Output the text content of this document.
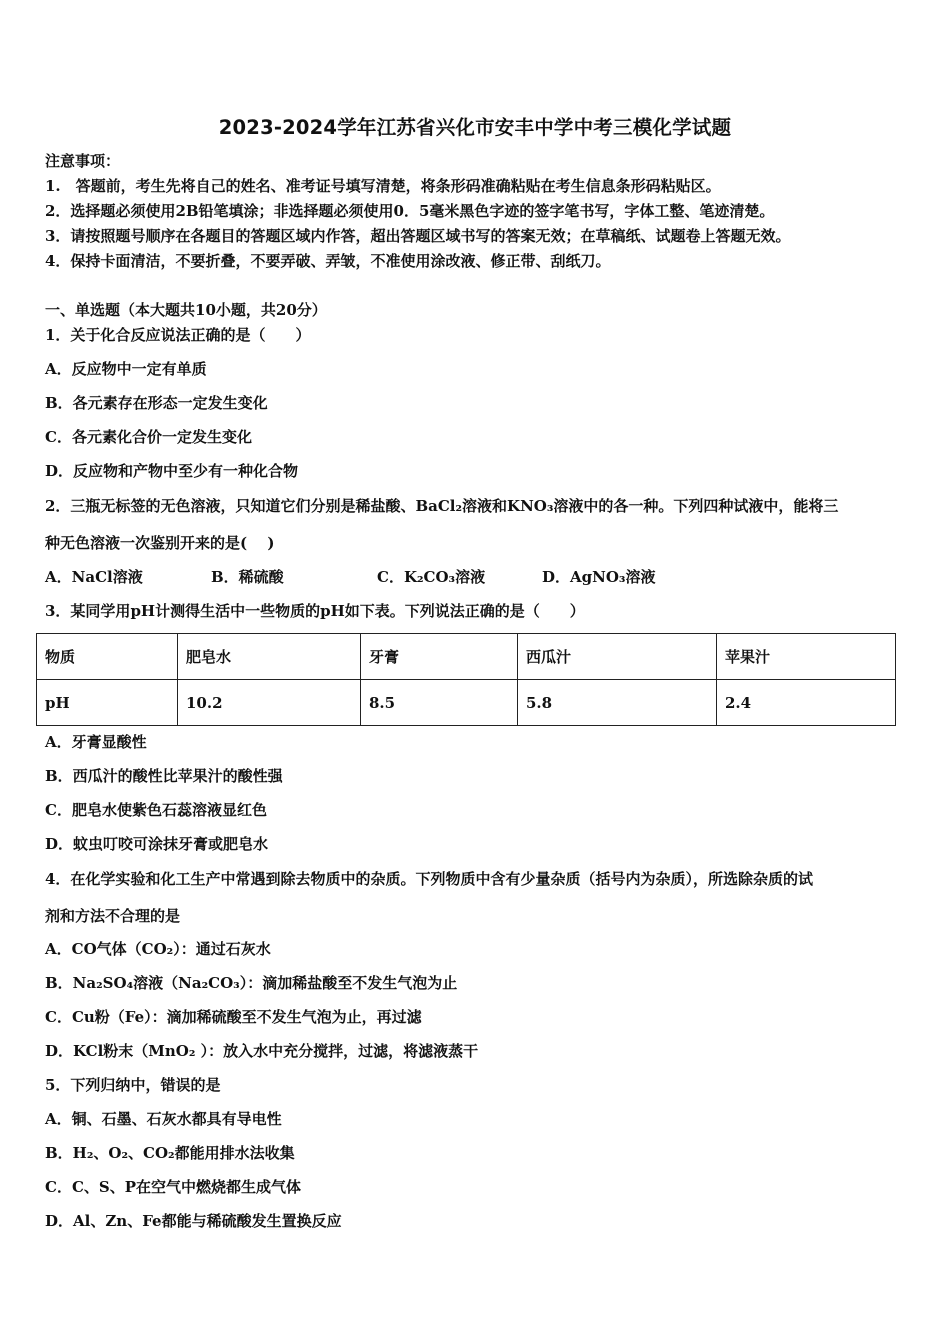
2023-2024学年江苏省兴化市安丰中学中考三模化学试题
注意事项：
1.　答题前，考生先将自己的姓名、准考证号填写清楚，将条形码准确粘贴在考生信息条形码粘贴区。
2．选择题必须使用2B铅笔填涂；非选择题必须使用0．5毫米黑色字迹的签字笔书写，字体工整、笔迹清楚。
3．请按照题号顺序在各题目的答题区域内作答，超出答题区域书写的答案无效；在草稿纸、试题卷上答题无效。
4．保持卡面清洁，不要折叠，不要弄破、弄皱，不准使用涂改液、修正带、刮纸刀。
一、单选题（本大题共10小题，共20分）
1．关于化合反应说法正确的是（　　）
A．反应物中一定有单质
B．各元素存在形态一定发生变化
C．各元素化合价一定发生变化
D．反应物和产物中至少有一种化合物
2．三瓶无标签的无色溶液，只知道它们分别是稀盐酸、BaCl₂溶液和KNO₃溶液中的各一种。下列四种试液中，能将三
种无色溶液一次鉴别开来的是(　 )
A．NaCl溶液	B．稀硫酸	C．K₂CO₃溶液	D．AgNO₃溶液
3．某同学用pH计测得生活中一些物质的pH如下表。下列说法正确的是（　　）
物质	肥皂水	牙膏	西瓜汁	苹果汁
pH	10.2	8.5	5.8	2.4
A．牙膏显酸性
B．西瓜汁的酸性比苹果汁的酸性强
C．肥皂水使紫色石蕊溶液显红色
D．蚊虫叮咬可涂抹牙膏或肥皂水
4．在化学实验和化工生产中常遇到除去物质中的杂质。下列物质中含有少量杂质（括号内为杂质），所选除杂质的试
剂和方法不合理的是
A．CO气体（CO₂）：通过石灰水
B．Na₂SO₄溶液（Na₂CO₃）：滴加稀盐酸至不发生气泡为止
C．Cu粉（Fe）：滴加稀硫酸至不发生气泡为止，再过滤
D．KCl粉末（MnO₂ ）：放入水中充分搅拌，过滤，将滤液蒸干
5．下列归纳中，错误的是
A．铜、石墨、石灰水都具有导电性
B．H₂、O₂、CO₂都能用排水法收集
C．C、S、P在空气中燃烧都生成气体
D．Al、Zn、Fe都能与稀硫酸发生置换反应
